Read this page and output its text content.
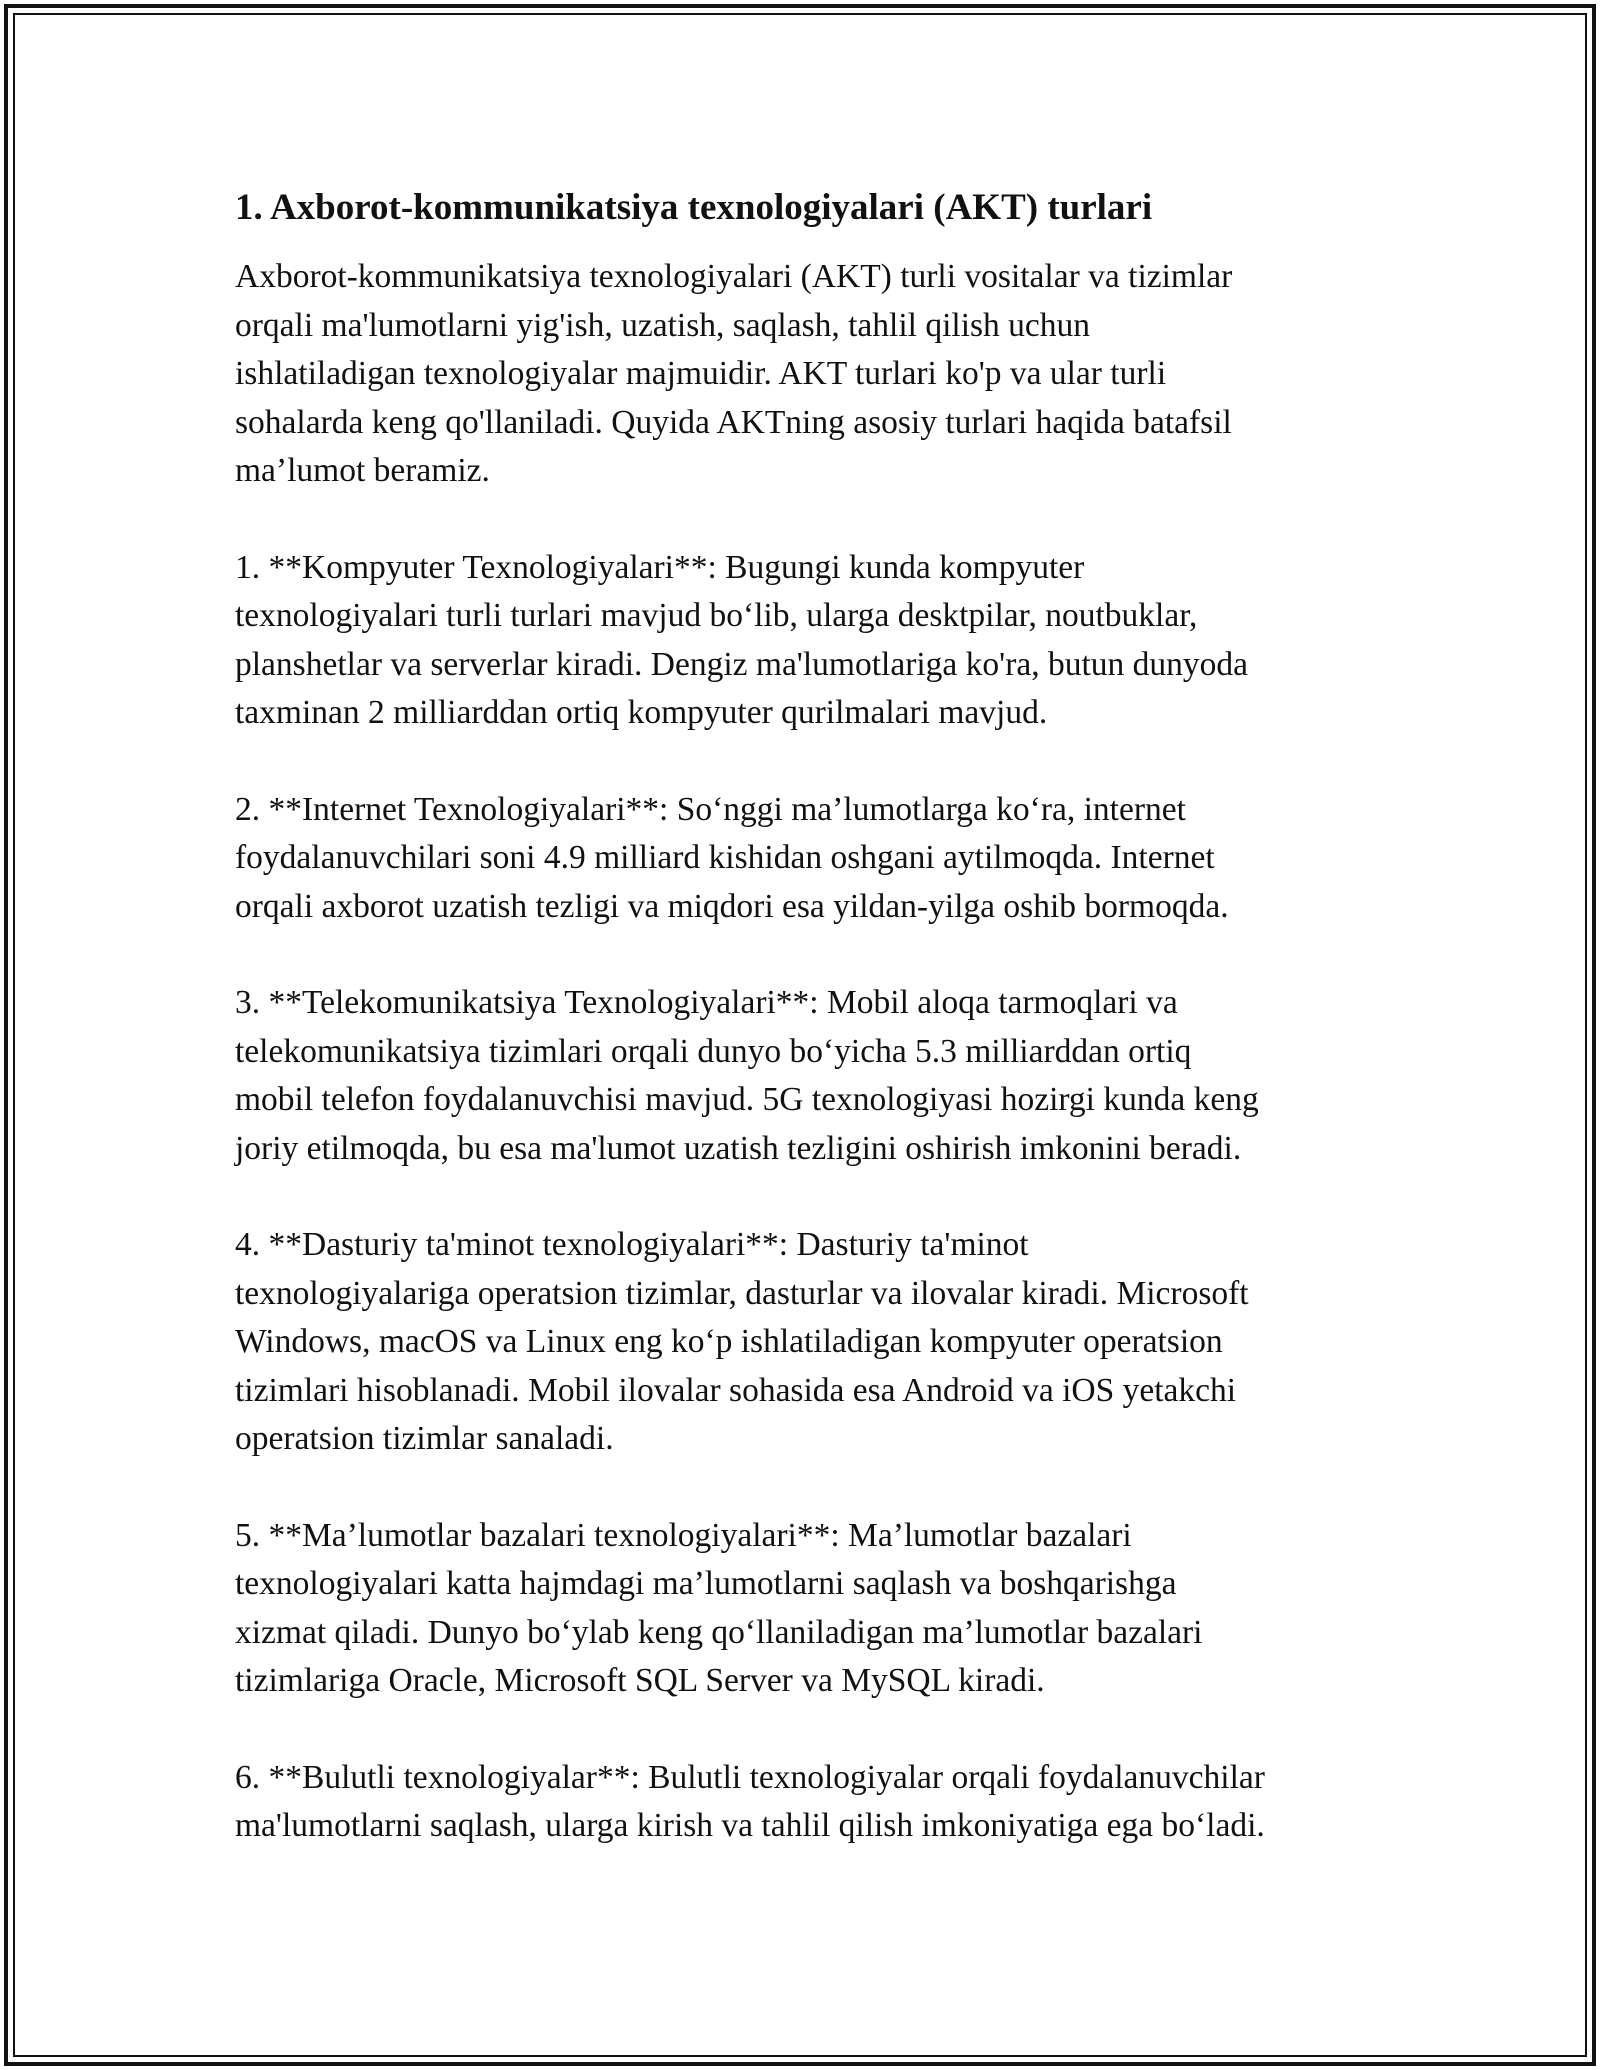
1. Axborot-kommunikatsiya texnologiyalari (AKT) turlari

Axborot-kommunikatsiya texnologiyalari (AKT) turli vositalar va tizimlar
orqali ma'lumotlarni yig'ish, uzatish, saqlash, tahlil qilish uchun
ishlatiladigan texnologiyalar majmuidir. AKT turlari ko'p va ular turli
sohalarda keng qo'llaniladi. Quyida AKTning asosiy turlari haqida batafsil
ma’lumot beramiz.

1. **Kompyuter Texnologiyalari**: Bugungi kunda kompyuter
texnologiyalari turli turlari mavjud bo‘lib, ularga desktpilar, noutbuklar,
planshetlar va serverlar kiradi. Dengiz ma'lumotlariga ko'ra, butun dunyoda
taxminan 2 milliarddan ortiq kompyuter qurilmalari mavjud.

2. **Internet Texnologiyalari**: So‘nggi ma’lumotlarga ko‘ra, internet
foydalanuvchilari soni 4.9 milliard kishidan oshgani aytilmoqda. Internet
orqali axborot uzatish tezligi va miqdori esa yildan-yilga oshib bormoqda.

3. **Telekomunikatsiya Texnologiyalari**: Mobil aloqa tarmoqlari va
telekomunikatsiya tizimlari orqali dunyo bo‘yicha 5.3 milliarddan ortiq
mobil telefon foydalanuvchisi mavjud. 5G texnologiyasi hozirgi kunda keng
joriy etilmoqda, bu esa ma'lumot uzatish tezligini oshirish imkonini beradi.

4. **Dasturiy ta'minot texnologiyalari**: Dasturiy ta'minot
texnologiyalariga operatsion tizimlar, dasturlar va ilovalar kiradi. Microsoft
Windows, macOS va Linux eng ko‘p ishlatiladigan kompyuter operatsion
tizimlari hisoblanadi. Mobil ilovalar sohasida esa Android va iOS yetakchi
operatsion tizimlar sanaladi.

5. **Ma’lumotlar bazalari texnologiyalari**: Ma’lumotlar bazalari
texnologiyalari katta hajmdagi ma’lumotlarni saqlash va boshqarishga
xizmat qiladi. Dunyo bo‘ylab keng qo‘llaniladigan ma’lumotlar bazalari
tizimlariga Oracle, Microsoft SQL Server va MySQL kiradi.

6. **Bulutli texnologiyalar**: Bulutli texnologiyalar orqali foydalanuvchilar
ma'lumotlarni saqlash, ularga kirish va tahlil qilish imkoniyatiga ega bo‘ladi.
